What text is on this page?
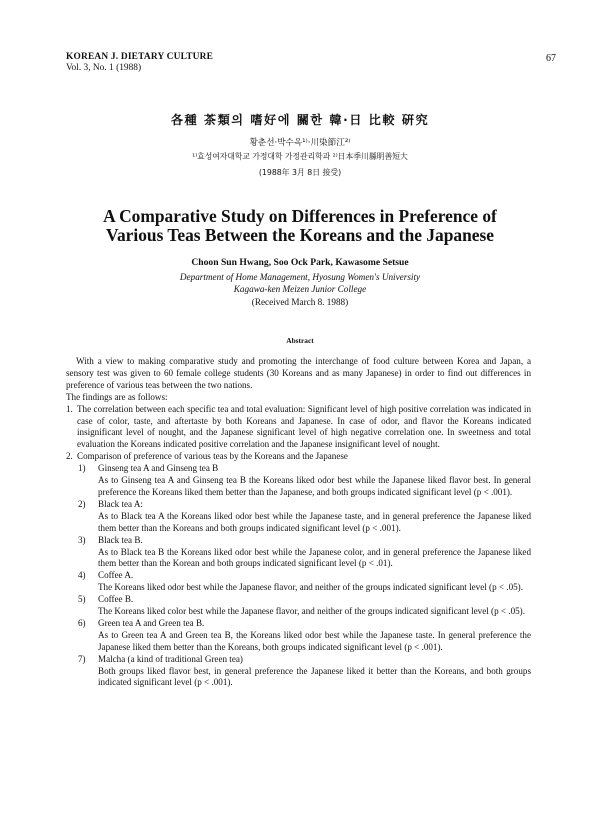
KOREAN J. DIETARY CULTURE
Vol. 3, No. 1 (1988)
67
各種 茶類의 嗜好에 關한 韓·日 比較 硏究
황춘선·박수옥¹⁾·川染節江²⁾
¹⁾효성여자대학교 가정대학 가정관리학과 ²⁾日本季川縣明善短大
(1988年 3月 8日 接受)
A Comparative Study on Differences in Preference of
Various Teas Between the Koreans and the Japanese
Choon Sun Hwang, Soo Ock Park, Kawasome Setsue
Department of Home Management, Hyosung Women's University
Kagawa-ken Meizen Junior College
(Received March 8. 1988)
Abstract

With a view to making comparative study and promoting the interchange of food culture between Korea and Japan, a sensory test was given to 60 female college students (30 Koreans and as many Japanese) in order to find out differences in preference of various teas between the two nations.

The findings are as follows:

1. The correlation between each specific tea and total evaluation: Significant level of high positive correlation was indicated in case of color, taste, and aftertaste by both Koreans and Japanese. In case of odor, and flavor the Koreans indicated insignificant level of nought, and the Japanese significant level of high negative correlation one. In sweetness and total evaluation the Koreans indicated positive correlation and the Japanese insignificant level of nought.
2. Comparison of preference of various teas by the Koreans and the Japanese
1)	Ginseng tea A and Ginseng tea B
As to Ginseng tea A and Ginseng tea B the Koreans liked odor best while the Japanese liked flavor best. In general preference the Koreans liked them better than the Japanese, and both groups indicated significant level (p < .001).
2)	Black tea A:
As to Black tea A the Koreans liked odor best while the Japanese taste, and in general preference the Japanese liked them better than the Koreans and both groups indicated significant level (p < .001).
3)	Black tea B.
As to Black tea B the Koreans liked odor best while the Japanese color, and in general preference the Japanese liked them better than the Korean and both groups indicated significant level (p < .01).
4)	Coffee A.
The Koreans liked odor best while the Japanese flavor, and neither of the groups indicated significant level (p < .05).
5)	Coffee B.
The Koreans liked color best while the Japanese flavor, and neither of the groups indicated significant level (p < .05).
6)	Green tea A and Green tea B.
As to Green tea A and Green tea B, the Koreans liked odor best while the Japanese taste. In general preference the Japanese liked them better than the Koreans, both groups indicated significant level (p < .001).
7)	Malcha (a kind of traditional Green tea)
Both groups liked flavor best, in general preference the Japanese liked it better than the Koreans, and both groups indicated significant level (p < .001).
